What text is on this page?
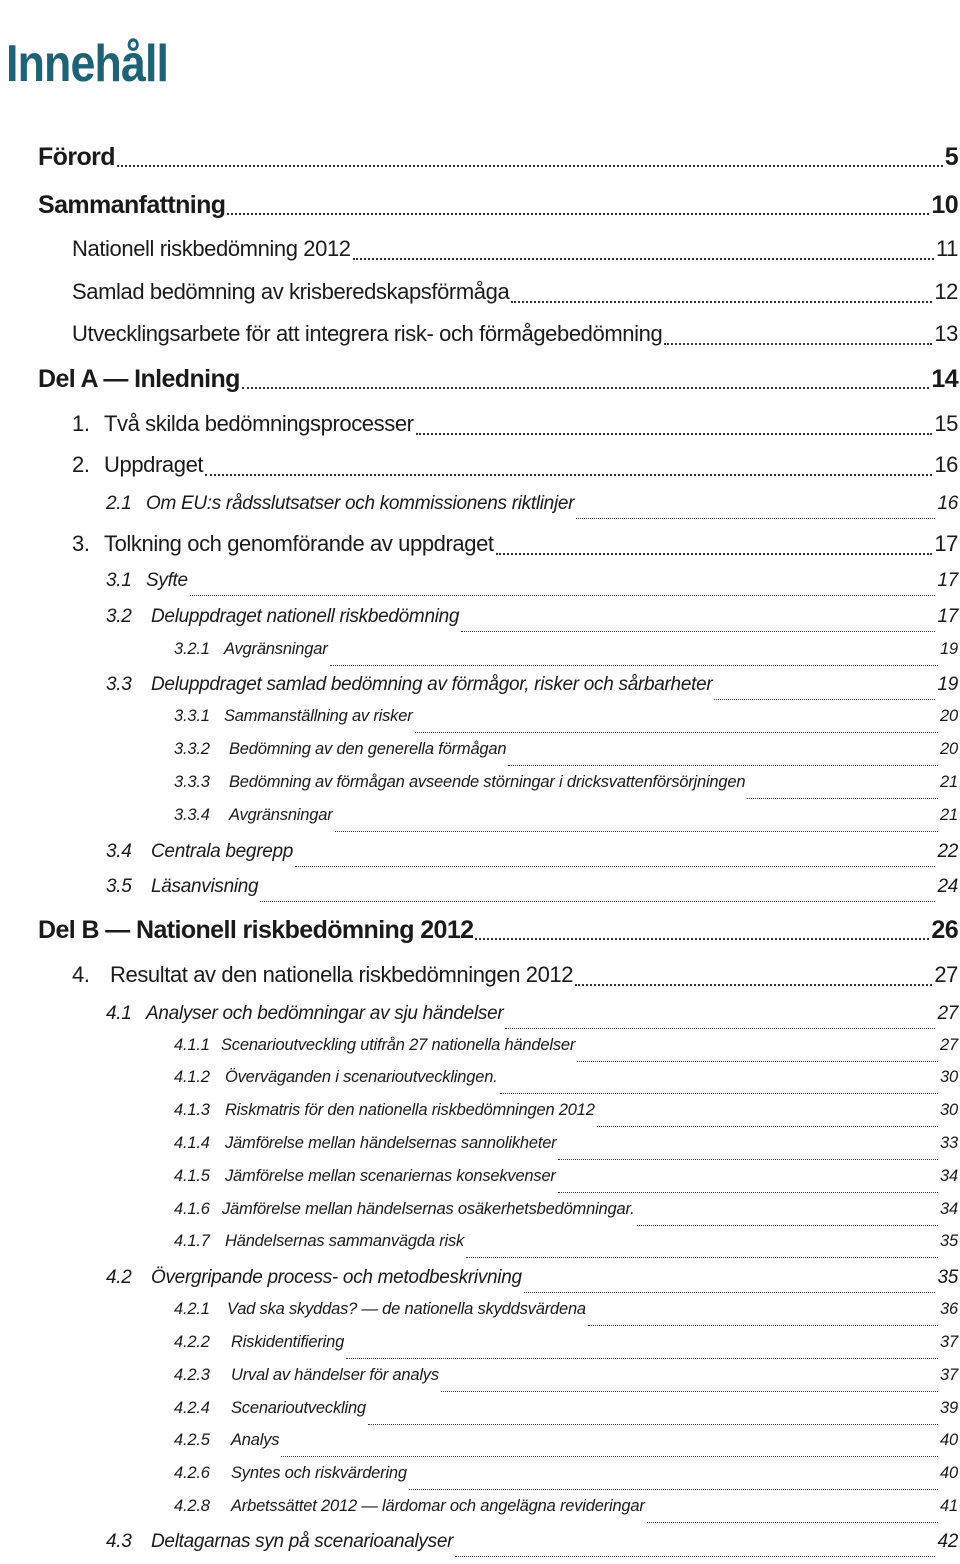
Innehåll
Förord	5
Sammanfattning	10
Nationell riskbedömning 2012	11
Samlad bedömning av krisberedskapsförmåga	12
Utvecklingsarbete för att integrera risk- och förmågebedömning	13
Del A — Inledning	14
1. Två skilda bedömningsprocesser	15
2. Uppdraget	16
2.1 Om EU:s rådsslutsatser och kommissionens riktlinjer	16
3. Tolkning och genomförande av uppdraget	17
3.1 Syfte	17
3.2	Deluppdraget nationell riskbedömning	17
3.2.1 Avgränsningar	19
3.3	Deluppdraget samlad bedömning av förmågor, risker och sårbarheter	19
3.3.1 Sammanställning av risker	20
3.3.2	Bedömning av den generella förmågan	20
3.3.3	Bedömning av förmågan avseende störningar i dricksvattenförsörjningen	21
3.3.4	Avgränsningar	21
3.4	Centrala begrepp	22
3.5	Läsanvisning	24
Del B — Nationell riskbedömning 2012	26
4. Resultat av den nationella riskbedömningen 2012	27
4.1 Analyser och bedömningar av sju händelser	27
4.1.1 Scenarioutveckling utifrån 27 nationella händelser	27
4.1.2 Överväganden i scenarioutvecklingen.	30
4.1.3 Riskmatris för den nationella riskbedömningen 2012	30
4.1.4 Jämförelse mellan händelsernas sannolikheter	33
4.1.5 Jämförelse mellan scenariernas konsekvenser	34
4.1.6 Jämförelse mellan händelsernas osäkerhetsbedömningar.	34
4.1.7 Händelsernas sammanvägda risk	35
4.2	Övergripande process- och metodbeskrivning	35
4.2.1	Vad ska skyddas? — de nationella skyddsvärdena	36
4.2.2	Riskidentifiering	37
4.2.3	Urval av händelser för analys	37
4.2.4	Scenarioutveckling	39
4.2.5	Analys	40
4.2.6	Syntes och riskvärdering	40
4.2.8	Arbetssättet 2012 — lärdomar och angelägna revideringar	41
4.3	Deltagarnas syn på scenarioanalyser	42
